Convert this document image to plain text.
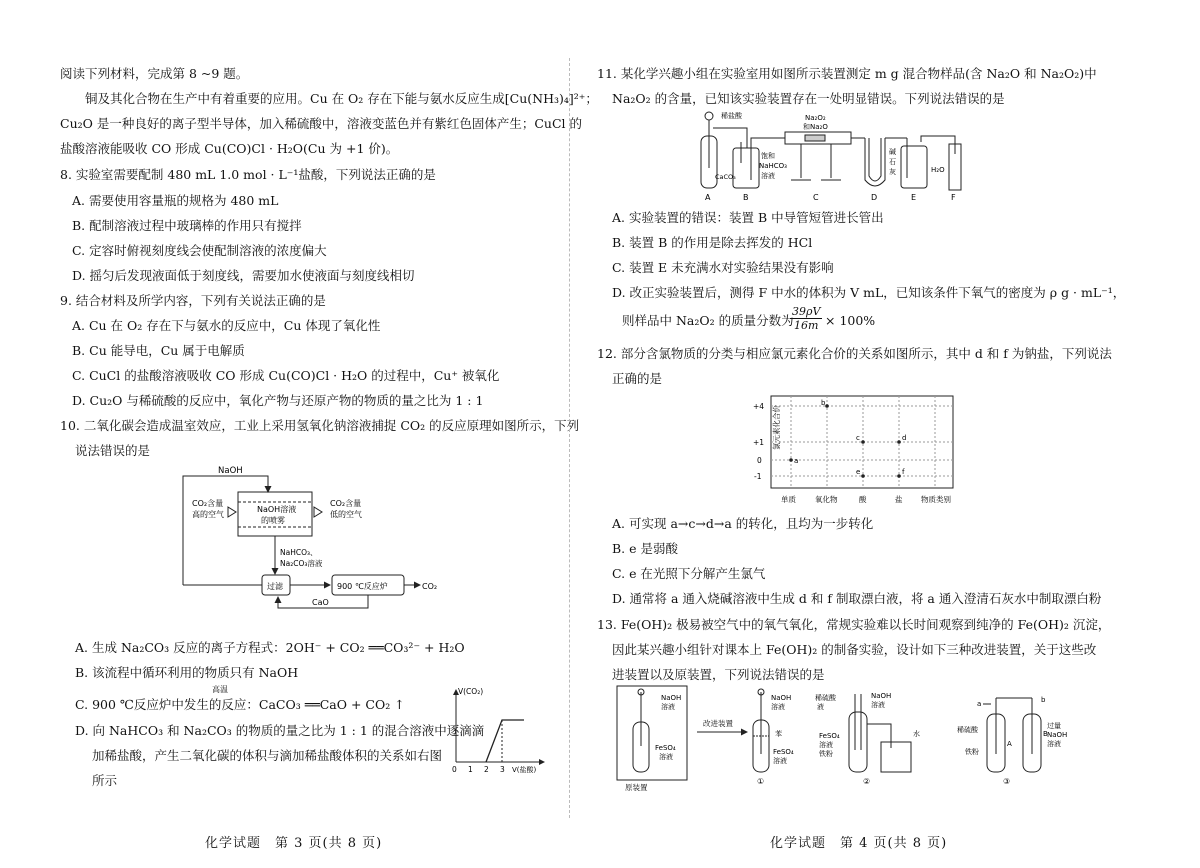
阅读下列材料，完成第 8 ~9 题。
铜及其化合物在生产中有着重要的应用。Cu 在 O₂ 存在下能与氨水反应生成[Cu(NH₃)₄]²⁺；
Cu₂O 是一种良好的离子型半导体，加入稀硫酸中，溶液变蓝色并有紫红色固体产生；CuCl 的
盐酸溶液能吸收 CO 形成 Cu(CO)Cl · H₂O(Cu 为 +1 价)。
8. 实验室需要配制 480 mL 1.0 mol · L⁻¹盐酸，下列说法正确的是
A. 需要使用容量瓶的规格为 480 mL
B. 配制溶液过程中玻璃棒的作用只有搅拌
C. 定容时俯视刻度线会使配制溶液的浓度偏大
D. 摇匀后发现液面低于刻度线，需要加水使液面与刻度线相切
9. 结合材料及所学内容，下列有关说法正确的是
A. Cu 在 O₂ 存在下与氨水的反应中，Cu 体现了氧化性
B. Cu 能导电，Cu 属于电解质
C. CuCl 的盐酸溶液吸收 CO 形成 Cu(CO)Cl · H₂O 的过程中，Cu⁺ 被氧化
D. Cu₂O 与稀硫酸的反应中，氧化产物与还原产物的物质的量之比为 1 : 1
10. 二氧化碳会造成温室效应，工业上采用氢氧化钠溶液捕捉 CO₂ 的反应原理如图所示，下列
说法错误的是
NaOH
CO₂含量
高的空气
NaOH溶液
的喷雾
CO₂含量
低的空气
NaHCO₃、
Na₂CO₃溶液
过滤	900 ℃反应炉	CO₂
CaO
A. 生成 Na₂CO₃ 反应的离子方程式：2OH⁻ + CO₂ ══CO₃²⁻ + H₂O
B. 该流程中循环利用的物质只有 NaOH
C. 900 ℃反应炉中发生的反应：CaCO₃ ══CaO + CO₂ ↑
高温
D. 向 NaHCO₃ 和 Na₂CO₃ 的物质的量之比为 1 : 1 的混合溶液中逐滴滴
加稀盐酸，产生二氧化碳的体积与滴加稀盐酸体积的关系如右图
所示
V(CO₂)
0 1 2 3 V(盐酸)
化学试题　第 3 页(共 8 页)
11. 某化学兴趣小组在实验室用如图所示装置测定 m g 混合物样品(含 Na₂O 和 Na₂O₂)中
Na₂O₂ 的含量，已知该实验装置存在一处明显错误。下列说法错误的是
稀盐酸
CaCO₃
饱和
NaHCO₃
溶液
Na₂O₂
和Na₂O
碱
石
灰	H₂O
A	B	C	D	E	F
A. 实验装置的错误：装置 B 中导管短管进长管出
B. 装置 B 的作用是除去挥发的 HCl
C. 装置 E 未充满水对实验结果没有影响
D. 改正实验装置后，测得 F 中水的体积为 V mL，已知该条件下氧气的密度为 ρ g · mL⁻¹，
则样品中 Na₂O₂ 的质量分数为
$\frac{39\rho V}{16m} \times 100\%$
12. 部分含氯物质的分类与相应氯元素化合价的关系如图所示，其中 d 和 f 为钠盐，下列说法
正确的是
氯元素化合价
+4
+1
0
-1
a
b
c	d
e	f
单质	氧化物	酸	盐 物质类别
A. 可实现 a→c→d→a 的转化，且均为一步转化
B. e 是弱酸
C. e 在光照下分解产生氯气
D. 通常将 a 通入烧碱溶液中生成 d 和 f 制取漂白液，将 a 通入澄清石灰水中制取漂白粉
13. Fe(OH)₂ 极易被空气中的氧气氧化，常规实验难以长时间观察到纯净的 Fe(OH)₂ 沉淀，
因此某兴趣小组针对课本上 Fe(OH)₂ 的制备实验，设计如下三种改进装置，关于这些改
进装置以及原装置，下列说法错误的是
NaOH
溶液
FeSO₄
溶液
原装置
改进装置
NaOH
溶液
苯
FeSO₄
溶液
①
稀硫酸
液
NaOH
溶液
FeSO₄
溶液
铁粉
水
②
a	b
稀硫酸
铁粉
A
B
过量
NaOH
溶液
③
化学试题　第 4 页(共 8 页)
